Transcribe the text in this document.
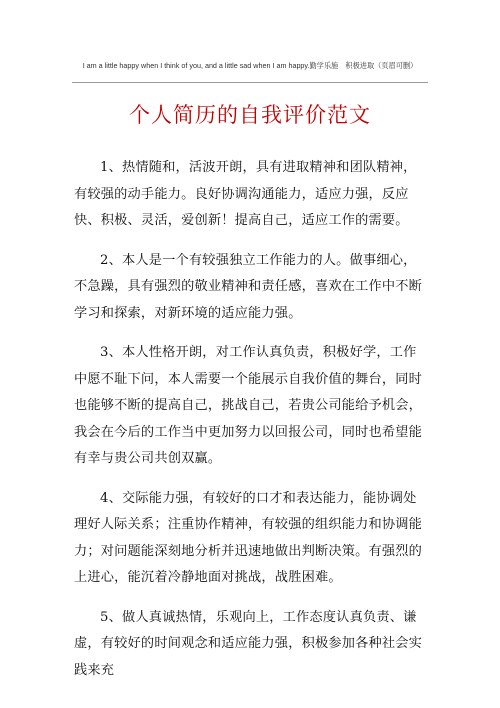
I am a little happy when I think of you, and a little sad when I am happy.勤学乐施　积极进取（页眉可删）
个人简历的自我评价范文

1、热情随和，活波开朗，具有进取精神和团队精神，有较强的动手能力。良好协调沟通能力，适应力强，反应快、积极、灵活，爱创新！提高自己，适应工作的需要。

2、本人是一个有较强独立工作能力的人。做事细心，不急躁，具有强烈的敬业精神和责任感，喜欢在工作中不断学习和探索，对新环境的适应能力强。

3、本人性格开朗，对工作认真负责，积极好学，工作中愿不耻下问，本人需要一个能展示自我价值的舞台，同时也能够不断的提高自己，挑战自己，若贵公司能给予机会，我会在今后的工作当中更加努力以回报公司，同时也希望能有幸与贵公司共创双赢。

4、交际能力强，有较好的口才和表达能力，能协调处理好人际关系；注重协作精神，有较强的组织能力和协调能力；对问题能深刻地分析并迅速地做出判断决策。有强烈的上进心，能沉着冷静地面对挑战，战胜困难。

5、做人真诚热情，乐观向上，工作态度认真负责、谦虚，有较好的时间观念和适应能力强，积极参加各种社会实践来充
